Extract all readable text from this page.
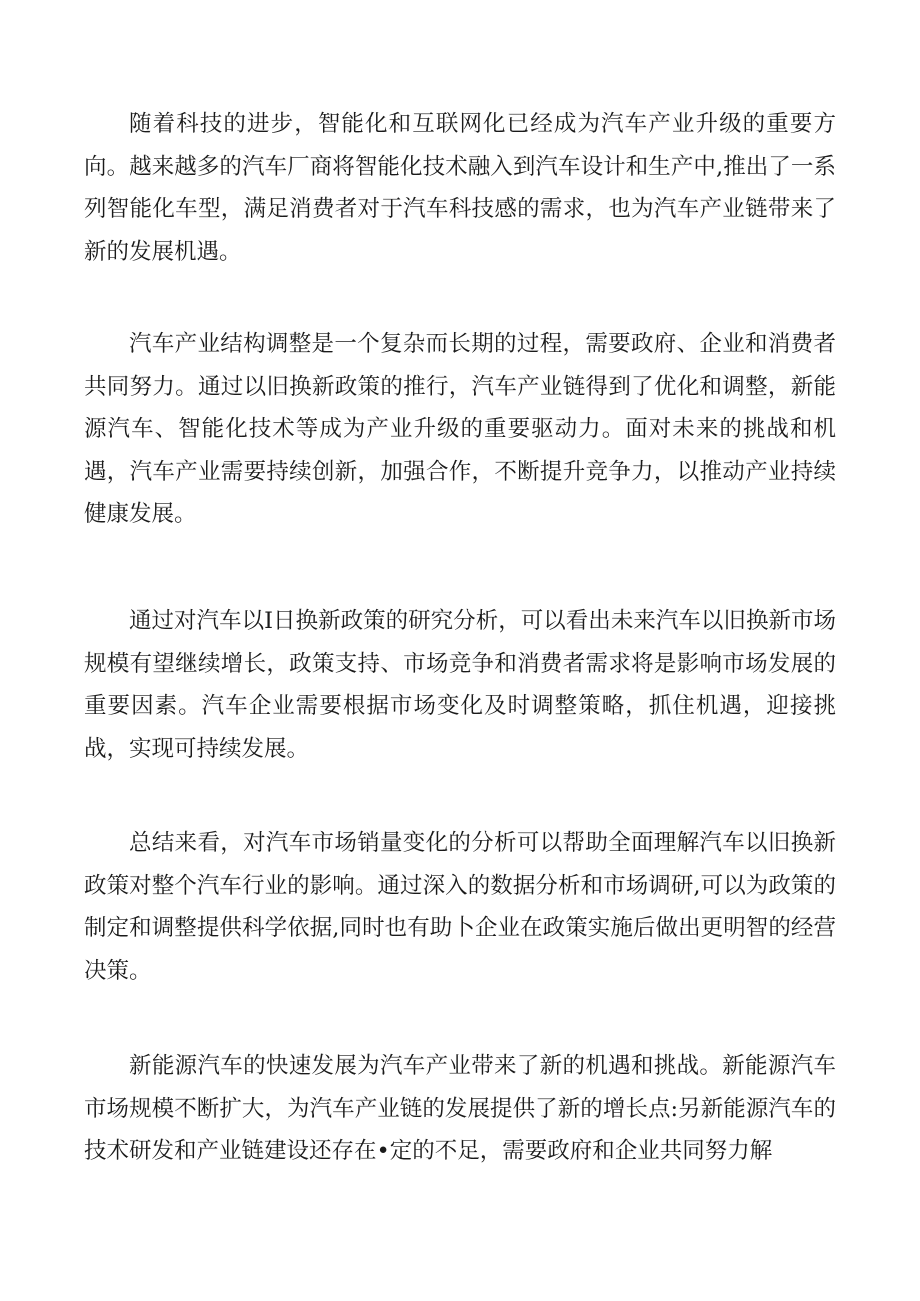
随着科技的进步，智能化和互联网化已经成为汽车产业升级的重要方向。越来越多的汽车厂商将智能化技术融入到汽车设计和生产中,推出了一系列智能化车型，满足消费者对于汽车科技感的需求，也为汽车产业链带来了新的发展机遇。

汽车产业结构调整是一个复杂而长期的过程，需要政府、企业和消费者共同努力。通过以旧换新政策的推行，汽车产业链得到了优化和调整，新能源汽车、智能化技术等成为产业升级的重要驱动力。面对未来的挑战和机遇，汽车产业需要持续创新，加强合作，不断提升竞争力，以推动产业持续健康发展。

通过对汽车以I日换新政策的研究分析，可以看出未来汽车以旧换新市场规模有望继续增长，政策支持、市场竞争和消费者需求将是影响市场发展的重要因素。汽车企业需要根据市场变化及时调整策略，抓住机遇，迎接挑战，实现可持续发展。

总结来看，对汽车市场销量变化的分析可以帮助全面理解汽车以旧换新政策对整个汽车行业的影响。通过深入的数据分析和市场调研,可以为政策的制定和调整提供科学依据,同时也有助卜企业在政策实施后做出更明智的经营决策。

新能源汽车的快速发展为汽车产业带来了新的机遇和挑战。新能源汽车市场规模不断扩大，为汽车产业链的发展提供了新的增长点:另新能源汽车的技术研发和产业链建设还存在•定的不足，需要政府和企业共同努力解
